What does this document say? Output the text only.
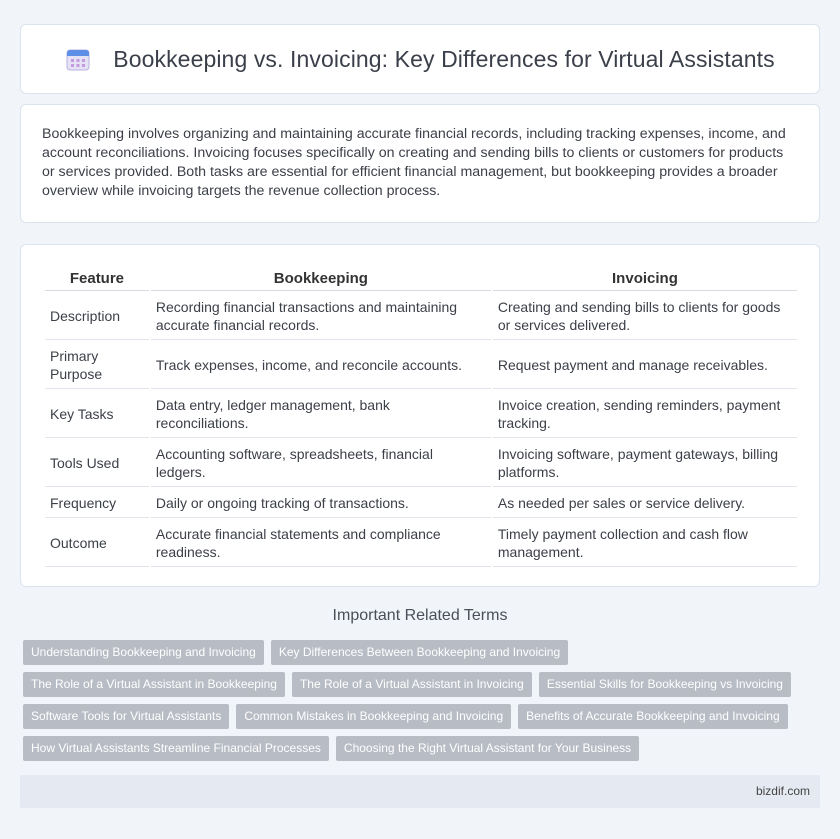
Bookkeeping vs. Invoicing: Key Differences for Virtual Assistants

Bookkeeping involves organizing and maintaining accurate financial records, including tracking expenses, income, and account reconciliations. Invoicing focuses specifically on creating and sending bills to clients or customers for products or services provided. Both tasks are essential for efficient financial management, but bookkeeping provides a broader overview while invoicing targets the revenue collection process.

Feature	Bookkeeping	Invoicing
Description	Recording financial transactions and maintaining accurate financial records.	Creating and sending bills to clients for goods or services delivered.
Primary Purpose	Track expenses, income, and reconcile accounts.	Request payment and manage receivables.
Key Tasks	Data entry, ledger management, bank reconciliations.	Invoice creation, sending reminders, payment tracking.
Tools Used	Accounting software, spreadsheets, financial ledgers.	Invoicing software, payment gateways, billing platforms.
Frequency	Daily or ongoing tracking of transactions.	As needed per sales or service delivery.
Outcome	Accurate financial statements and compliance readiness.	Timely payment collection and cash flow management.
Important Related Terms
Understanding Bookkeeping and Invoicing	Key Differences Between Bookkeeping and Invoicing
The Role of a Virtual Assistant in Bookkeeping	The Role of a Virtual Assistant in Invoicing	Essential Skills for Bookkeeping vs Invoicing
Software Tools for Virtual Assistants	Common Mistakes in Bookkeeping and Invoicing	Benefits of Accurate Bookkeeping and Invoicing
How Virtual Assistants Streamline Financial Processes	Choosing the Right Virtual Assistant for Your Business
bizdif.com
